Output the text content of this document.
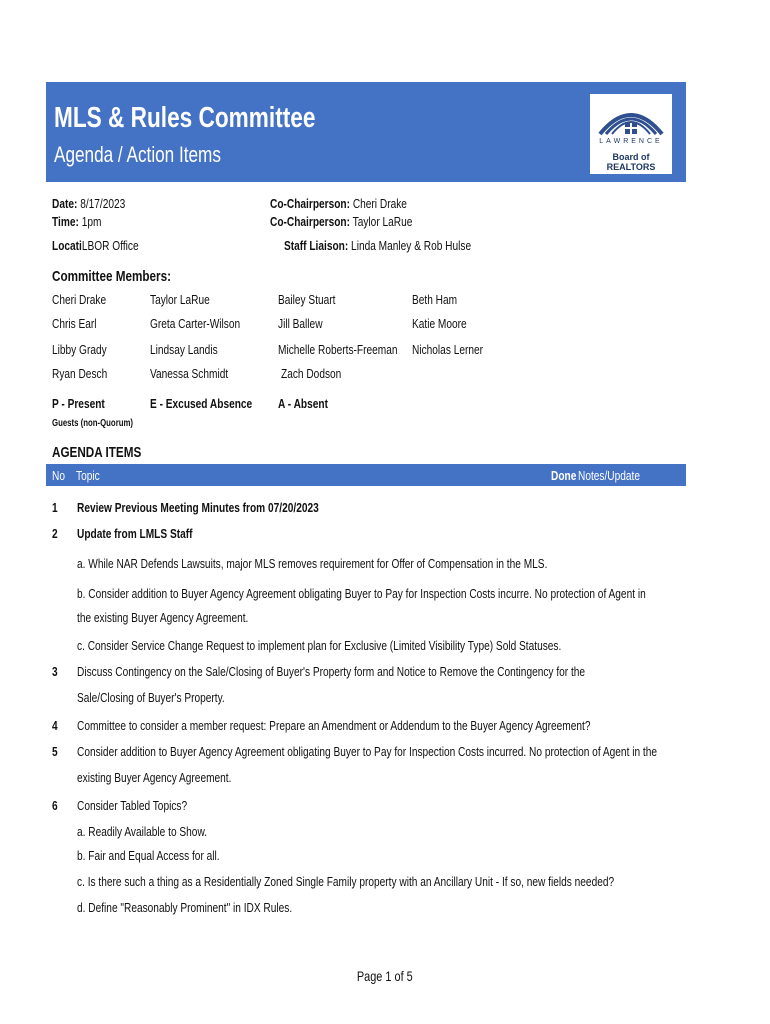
MLS & Rules Committee
Agenda / Action Items
LAWRENCE
Board of REALTORS
Date: 8/17/2023
Time: 1pm
LocatiLBOR Office
Co-Chairperson: Cheri Drake
Co-Chairperson: Taylor LaRue
Staff Liaison: Linda Manley & Rob Hulse
Committee Members:
Cheri Drake	Taylor LaRue	Bailey Stuart	Beth Ham
Chris Earl	Greta Carter-Wilson	Jill Ballew	Katie Moore
Libby Grady	Lindsay Landis	Michelle Roberts-Freeman	Nicholas Lerner
Ryan Desch	Vanessa Schmidt	Zach Dodson
P - Present	E - Excused Absence	A - Absent
Guests (non-Quorum)
AGENDA ITEMS
No Topic	Done Notes/Update
1 Review Previous Meeting Minutes from 07/20/2023
2 Update from LMLS Staff
a. While NAR Defends Lawsuits, major MLS removes requirement for Offer of Compensation in the MLS.
b. Consider addition to Buyer Agency Agreement obligating Buyer to Pay for Inspection Costs incurre. No protection of Agent in
the existing Buyer Agency Agreement.
c. Consider Service Change Request to implement plan for Exclusive (Limited Visibility Type) Sold Statuses.
3 Discuss Contingency on the Sale/Closing of Buyer's Property form and Notice to Remove the Contingency for the
Sale/Closing of Buyer's Property.
4 Committee to consider a member request: Prepare an Amendment or Addendum to the Buyer Agency Agreement?
5 Consider addition to Buyer Agency Agreement obligating Buyer to Pay for Inspection Costs incurred. No protection of Agent in the
existing Buyer Agency Agreement.
6 Consider Tabled Topics?
a. Readily Available to Show.
b. Fair and Equal Access for all.
c. Is there such a thing as a Residentially Zoned Single Family property with an Ancillary Unit - If so, new fields needed?
d. Define "Reasonably Prominent" in IDX Rules.
Page 1 of 5
